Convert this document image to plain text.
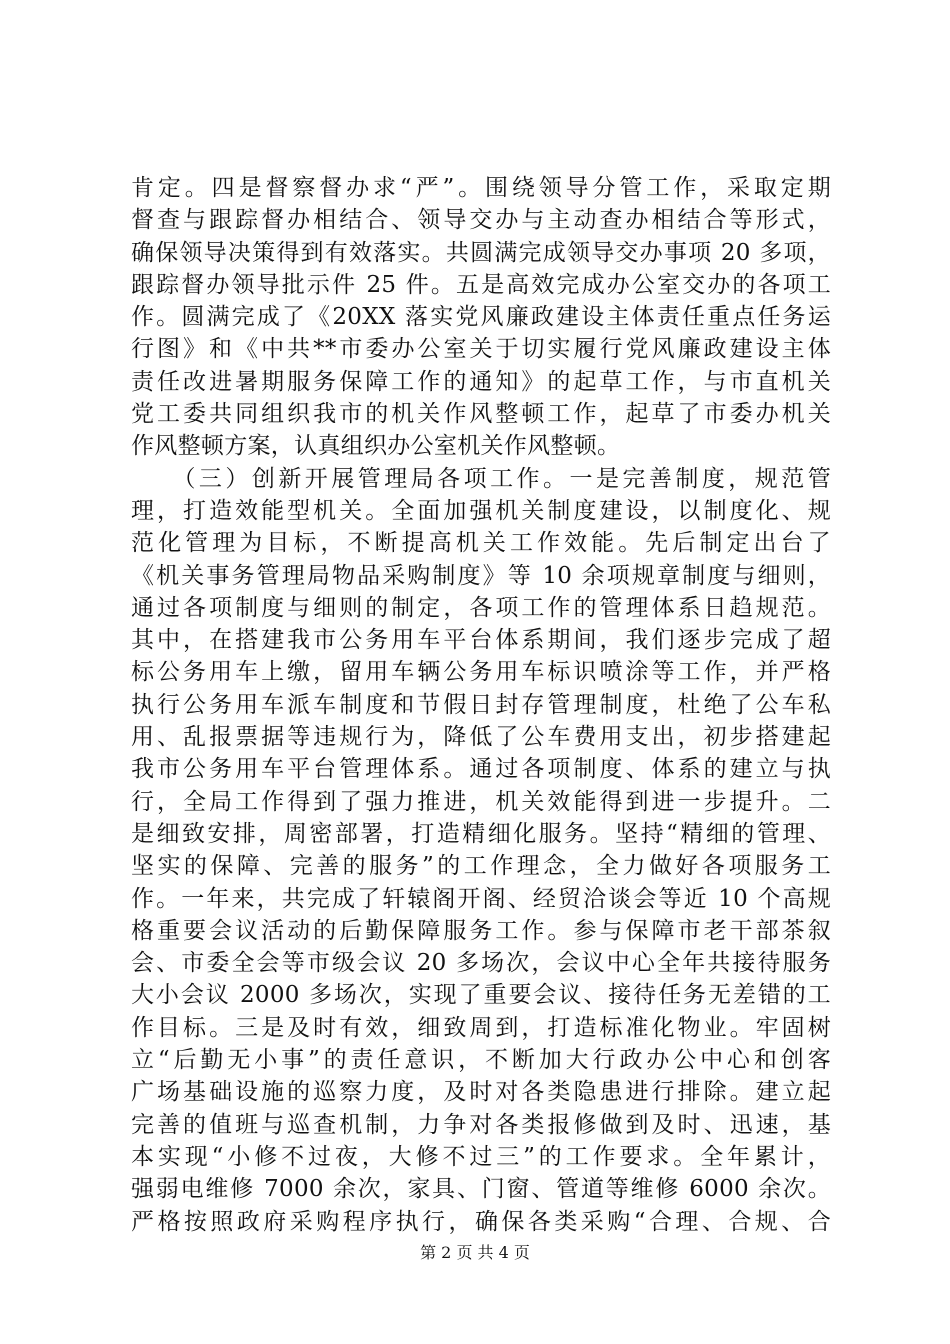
肯定。四是督察督办求“严”。围绕领导分管工作，采取定期
督查与跟踪督办相结合、领导交办与主动查办相结合等形式，
确保领导决策得到有效落实。共圆满完成领导交办事项 20 多项，
跟踪督办领导批示件 25 件。五是高效完成办公室交办的各项工
作。圆满完成了《20XX 落实党风廉政建设主体责任重点任务运
行图》和《中共**市委办公室关于切实履行党风廉政建设主体
责任改进暑期服务保障工作的通知》的起草工作，与市直机关
党工委共同组织我市的机关作风整顿工作，起草了市委办机关
作风整顿方案，认真组织办公室机关作风整顿。
　　（三）创新开展管理局各项工作。一是完善制度，规范管
理，打造效能型机关。全面加强机关制度建设，以制度化、规
范化管理为目标，不断提高机关工作效能。先后制定出台了
《机关事务管理局物品采购制度》等 10 余项规章制度与细则，
通过各项制度与细则的制定，各项工作的管理体系日趋规范。
其中，在搭建我市公务用车平台体系期间，我们逐步完成了超
标公务用车上缴，留用车辆公务用车标识喷涂等工作，并严格
执行公务用车派车制度和节假日封存管理制度，杜绝了公车私
用、乱报票据等违规行为，降低了公车费用支出，初步搭建起
我市公务用车平台管理体系。通过各项制度、体系的建立与执
行，全局工作得到了强力推进，机关效能得到进一步提升。二
是细致安排，周密部署，打造精细化服务。坚持“精细的管理、
坚实的保障、完善的服务”的工作理念，全力做好各项服务工
作。一年来，共完成了轩辕阁开阁、经贸洽谈会等近 10 个高规
格重要会议活动的后勤保障服务工作。参与保障市老干部茶叙
会、市委全会等市级会议 20 多场次，会议中心全年共接待服务
大小会议 2000 多场次，实现了重要会议、接待任务无差错的工
作目标。三是及时有效，细致周到，打造标准化物业。牢固树
立“后勤无小事”的责任意识，不断加大行政办公中心和创客
广场基础设施的巡察力度，及时对各类隐患进行排除。建立起
完善的值班与巡查机制，力争对各类报修做到及时、迅速，基
本实现“小修不过夜，大修不过三”的工作要求。全年累计，
强弱电维修 7000 余次，家具、门窗、管道等维修 6000 余次。
严格按照政府采购程序执行，确保各类采购“合理、合规、合
第 2 页 共 4 页
